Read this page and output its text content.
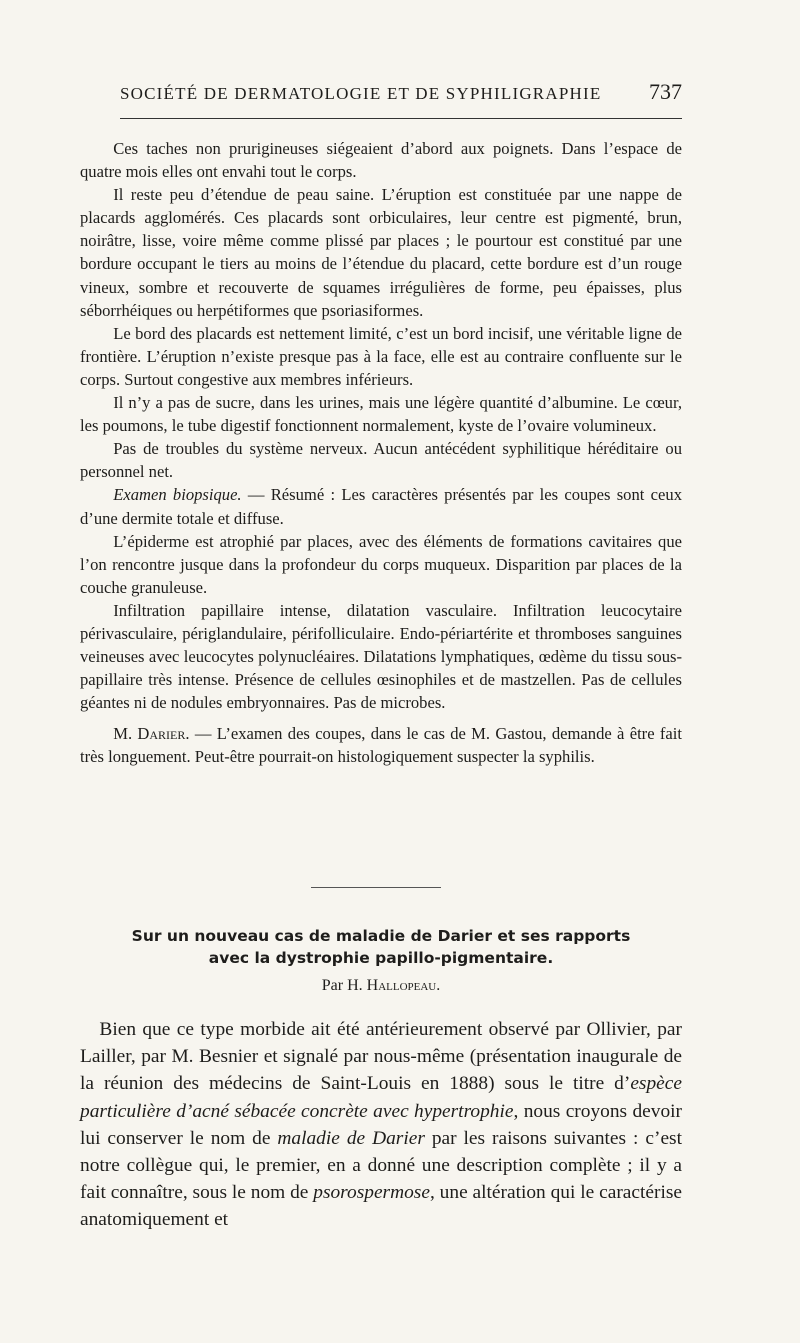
SOCIÉTÉ DE DERMATOLOGIE ET DE SYPHILIGRAPHIE 737

Ces taches non prurigineuses siégeaient d’abord aux poignets. Dans l’espace de quatre mois elles ont envahi tout le corps.

Il reste peu d’étendue de peau saine. L’éruption est constituée par une nappe de placards agglomérés. Ces placards sont orbiculaires, leur centre est pigmenté, brun, noirâtre, lisse, voire même comme plissé par places ; le pourtour est constitué par une bordure occupant le tiers au moins de l’étendue du placard, cette bordure est d’un rouge vineux, sombre et recouverte de squames irrégulières de forme, peu épaisses, plus séborrhéiques ou herpétiformes que psoriasiformes.

Le bord des placards est nettement limité, c’est un bord incisif, une véritable ligne de frontière. L’éruption n’existe presque pas à la face, elle est au contraire confluente sur le corps. Surtout congestive aux membres inférieurs.

Il n’y a pas de sucre, dans les urines, mais une légère quantité d’albumine. Le cœur, les poumons, le tube digestif fonctionnent normalement, kyste de l’ovaire volumineux.

Pas de troubles du système nerveux. Aucun antécédent syphilitique héréditaire ou personnel net.

Examen biopsique. — Résumé : Les caractères présentés par les coupes sont ceux d’une dermite totale et diffuse.

L’épiderme est atrophié par places, avec des éléments de formations cavitaires que l’on rencontre jusque dans la profondeur du corps muqueux. Disparition par places de la couche granuleuse.

Infiltration papillaire intense, dilatation vasculaire. Infiltration leucocytaire périvasculaire, périglandulaire, périfolliculaire. Endo-périartérite et thromboses sanguines veineuses avec leucocytes polynucléaires. Dilatations lymphatiques, œdème du tissu sous-papillaire très intense. Présence de cellules œsinophiles et de mastzellen. Pas de cellules géantes ni de nodules embryonnaires. Pas de microbes.

M. Darier. — L’examen des coupes, dans le cas de M. Gastou, demande à être fait très longuement. Peut-être pourrait-on histologiquement suspecter la syphilis.

Sur un nouveau cas de maladie de Darier et ses rapports
avec la dystrophie papillo-pigmentaire.
Par H. Hallopeau.

Bien que ce type morbide ait été antérieurement observé par Ollivier, par Lailler, par M. Besnier et signalé par nous-même (présentation inaugurale de la réunion des médecins de Saint-Louis en 1888) sous le titre d’espèce particulière d’acné sébacée concrète avec hypertrophie, nous croyons devoir lui conserver le nom de maladie de Darier par les raisons suivantes : c’est notre collègue qui, le premier, en a donné une description complète ; il y a fait connaître, sous le nom de psorospermose, une altération qui le caractérise anatomiquement et
